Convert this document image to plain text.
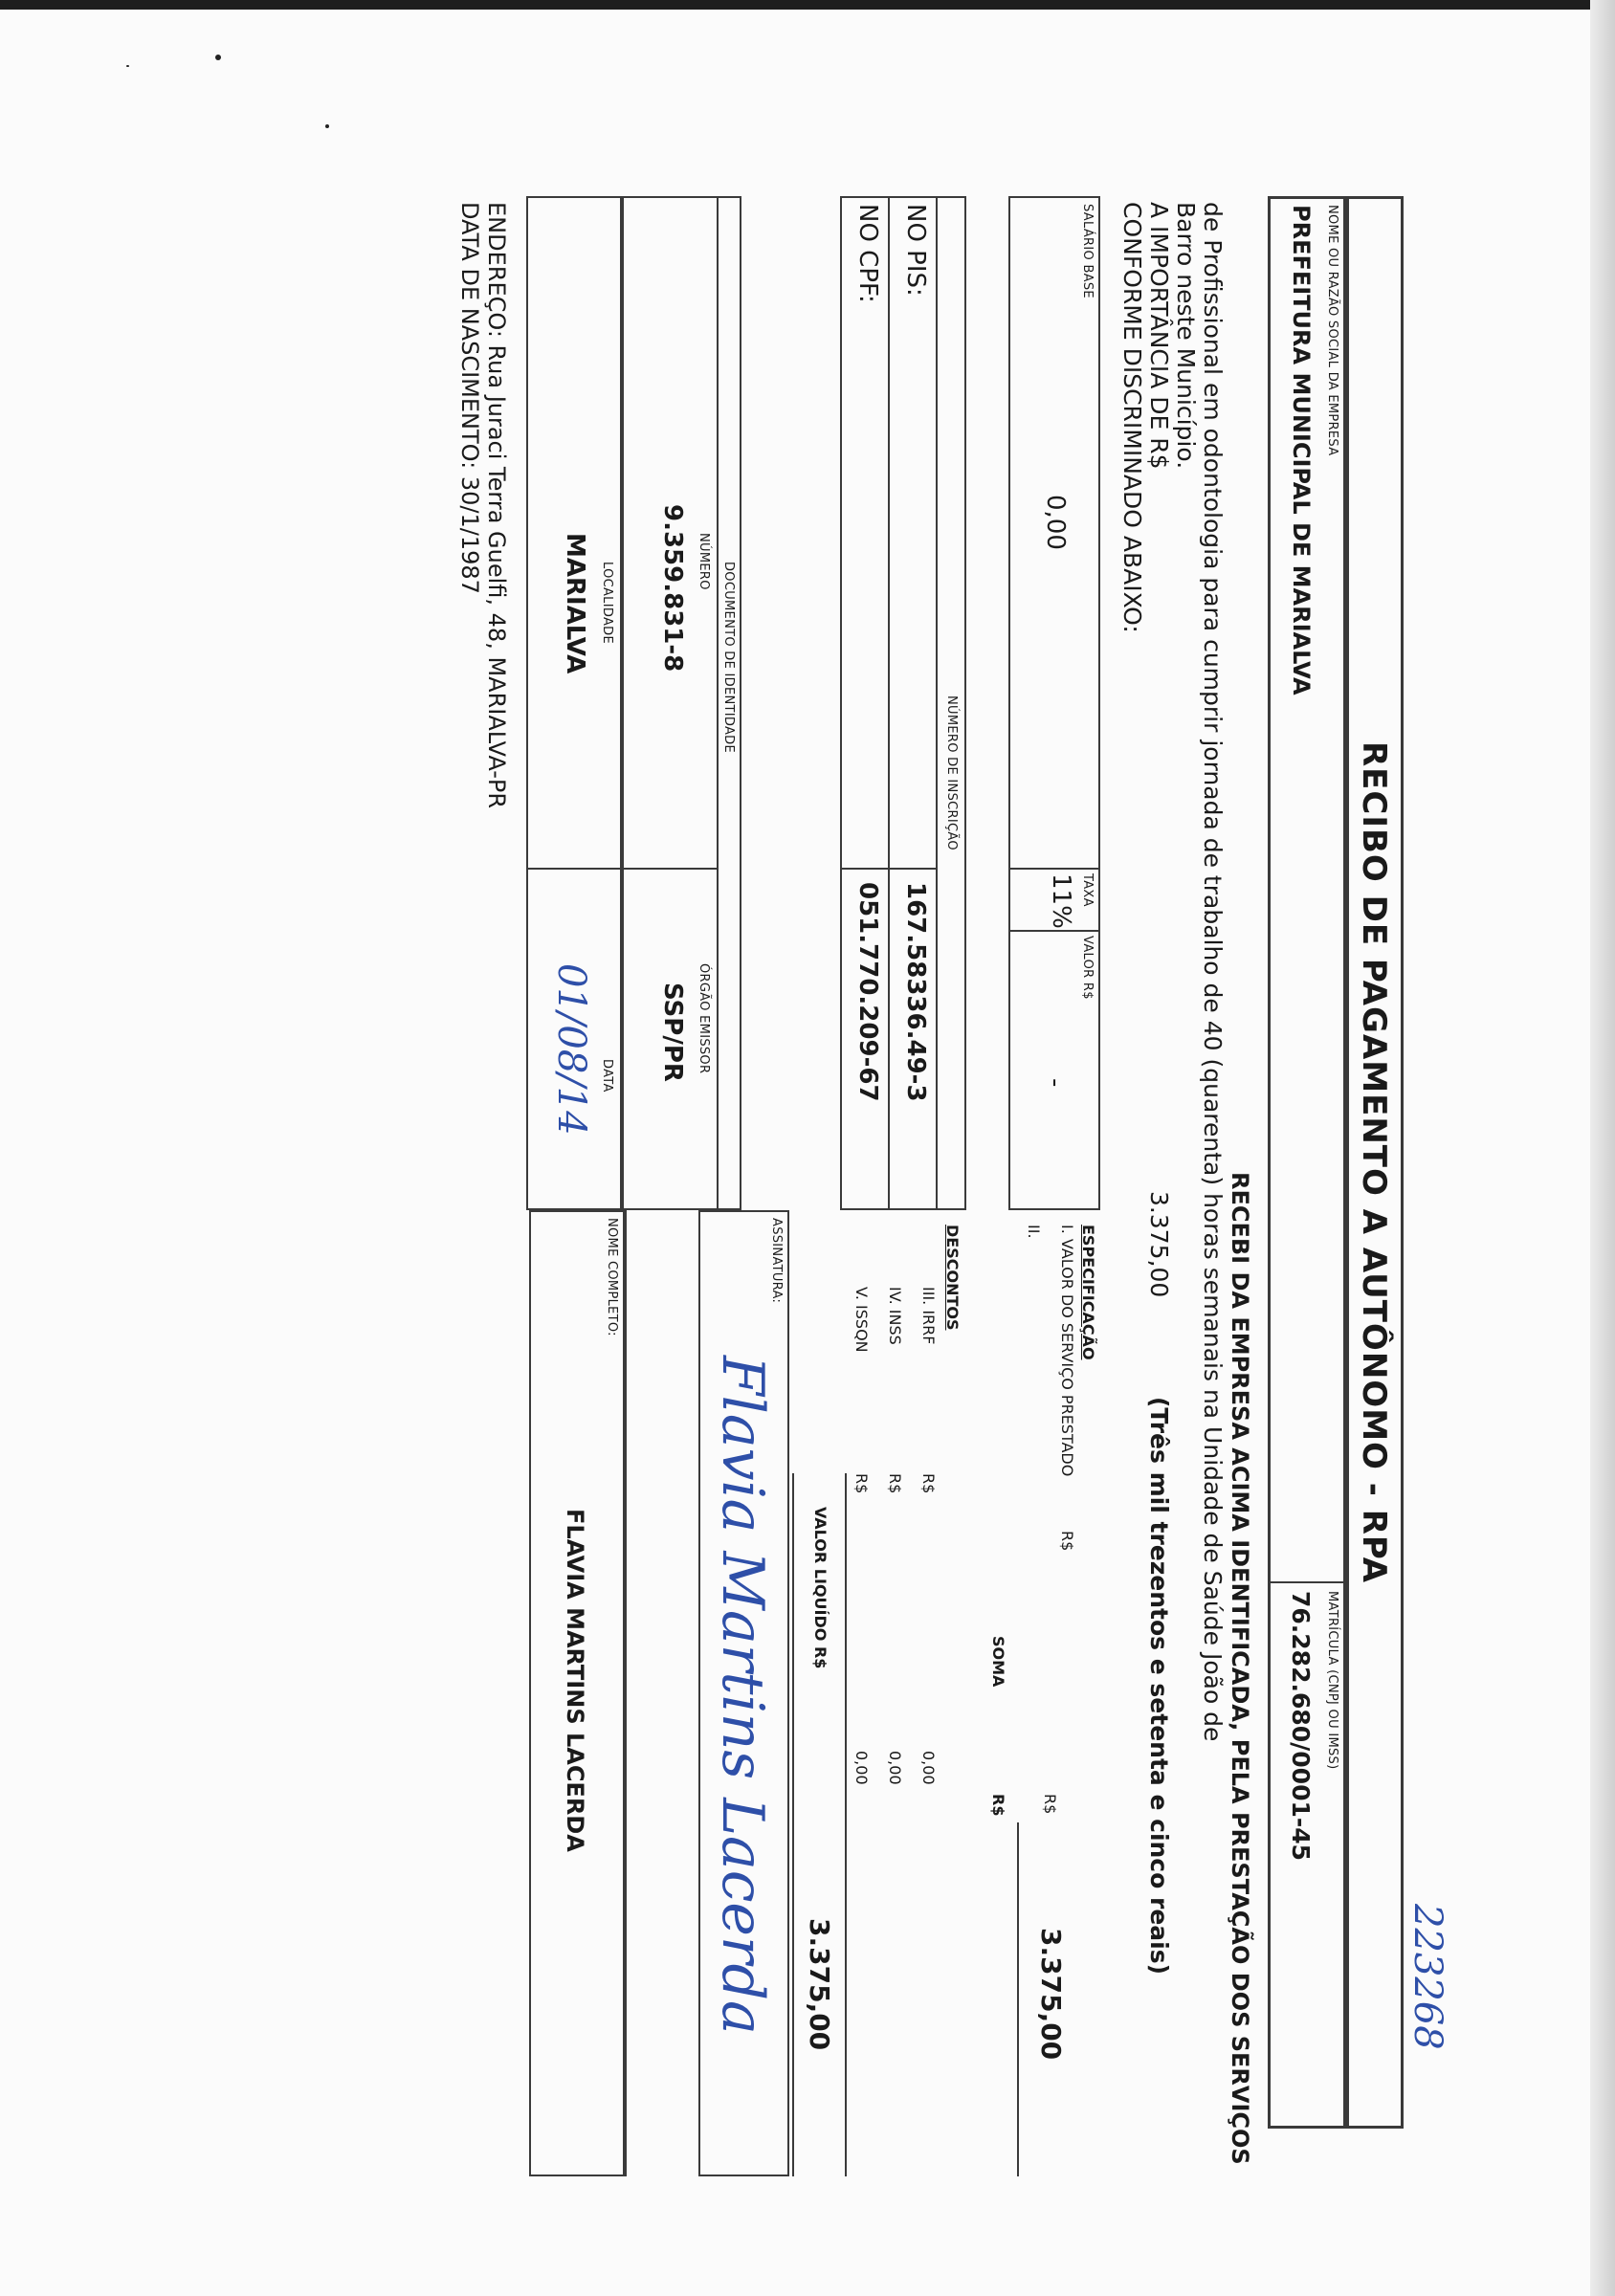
223268
RECIBO DE PAGAMENTO A AUTÔNOMO - RPA
NOME OU RAZÃO SOCIAL DA EMPRESA
PREFEITURA MUNICIPAL DE MARIALVA
MATRÍCULA (CNPJ OU IMSS)
76.282.680/0001-45
RECEBI DA EMPRESA ACIMA IDENTIFICADA, PELA PRESTAÇÃO DOS SERVIÇOS
de Profissional em odontologia para cumprir jornada de trabalho de 40 (quarenta) horas semanais na Unidade de Saúde João de
Barro neste Município.
A IMPORTÂNCIA DE R$
3.375,00
(Três mil trezentos e setenta e cinco reais)
CONFORME DISCRIMINADO ABAIXO:
SALÁRIO BASE
0,00
TAXA
11%
VALOR R$
-
NÚMERO DE INSCRIÇÃO
NO PIS:
NO CPF:
167.58336.49-3
051.770.209-67
DOCUMENTO DE IDENTIDADE
NÚMERO
9.359.831-8
ÓRGÃO EMISSOR
SSP/PR
LOCALIDADE
MARIALVA
DATA
01/08/14
ENDEREÇO: Rua Juraci Terra Guelfi, 48, MARIALVA-PR
DATA DE NASCIMENTO: 30/1/1987
ESPECIFICAÇÃO
I. VALOR DO SERVIÇO PRESTADO
R$
R$
3.375,00
II.
SOMA
R$
DESCONTOS
III. IRRF
R$
0,00
IV. INSS
R$
0,00
V. ISSQN
R$
0,00
VALOR LIQUÍDO R$
3.375,00
ASSINATURA:
Flavia Martins Lacerda
NOME COMPLETO:
FLAVIA MARTINS LACERDA
